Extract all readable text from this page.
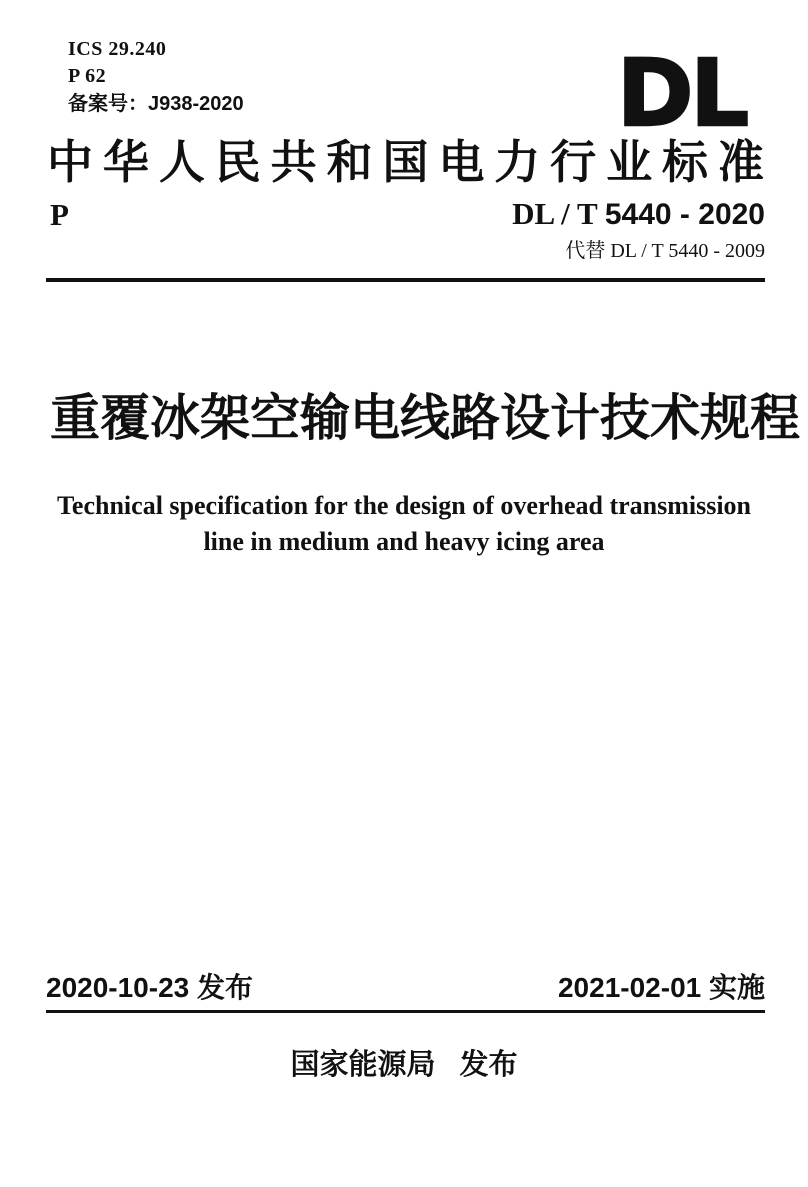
ICS 29.240
P 62
备案号：J938-2020	DL
中 华 人 民 共 和 国 电 力 行 业 标 准
P	DL / T 5440 - 2020
代替 DL / T 5440 - 2009
重 覆 冰 架 空 输 电 线 路 设 计 技 术 规 程
Technical specification for the design of overhead transmission
line in medium and heavy icing area
2020-10-23 发布	2021-02-01 实施
国家能源局 发布
